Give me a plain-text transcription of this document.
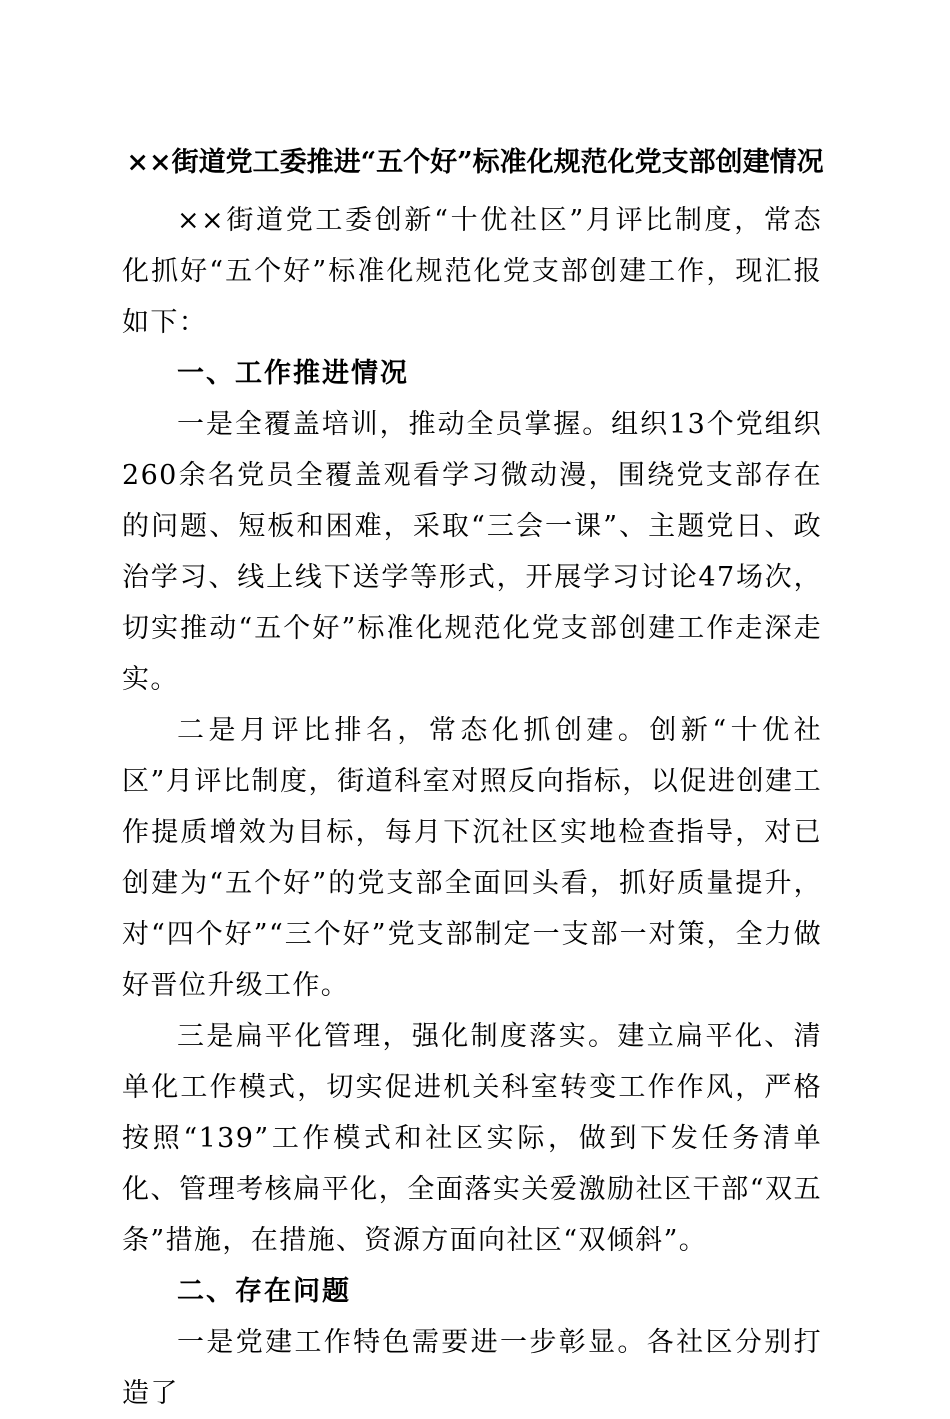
××街道党工委推进“五个好”标准化规范化党支部创建情况

××街道党工委创新“十优社区”月评比制度，常态化抓好“五个好”标准化规范化党支部创建工作，现汇报如下：

一、工作推进情况

一是全覆盖培训，推动全员掌握。组织13个党组织260余名党员全覆盖观看学习微动漫，围绕党支部存在的问题、短板和困难，采取“三会一课”、主题党日、政治学习、线上线下送学等形式，开展学习讨论47场次，切实推动“五个好”标准化规范化党支部创建工作走深走实。

二是月评比排名，常态化抓创建。创新“十优社区”月评比制度，街道科室对照反向指标，以促进创建工作提质增效为目标，每月下沉社区实地检查指导，对已创建为“五个好”的党支部全面回头看，抓好质量提升，对“四个好”“三个好”党支部制定一支部一对策，全力做好晋位升级工作。

三是扁平化管理，强化制度落实。建立扁平化、清单化工作模式，切实促进机关科室转变工作作风，严格按照“139”工作模式和社区实际，做到下发任务清单化、管理考核扁平化，全面落实关爱激励社区干部“双五条”措施，在措施、资源方面向社区“双倾斜”。

二、存在问题

一是党建工作特色需要进一步彰显。各社区分别打造了
